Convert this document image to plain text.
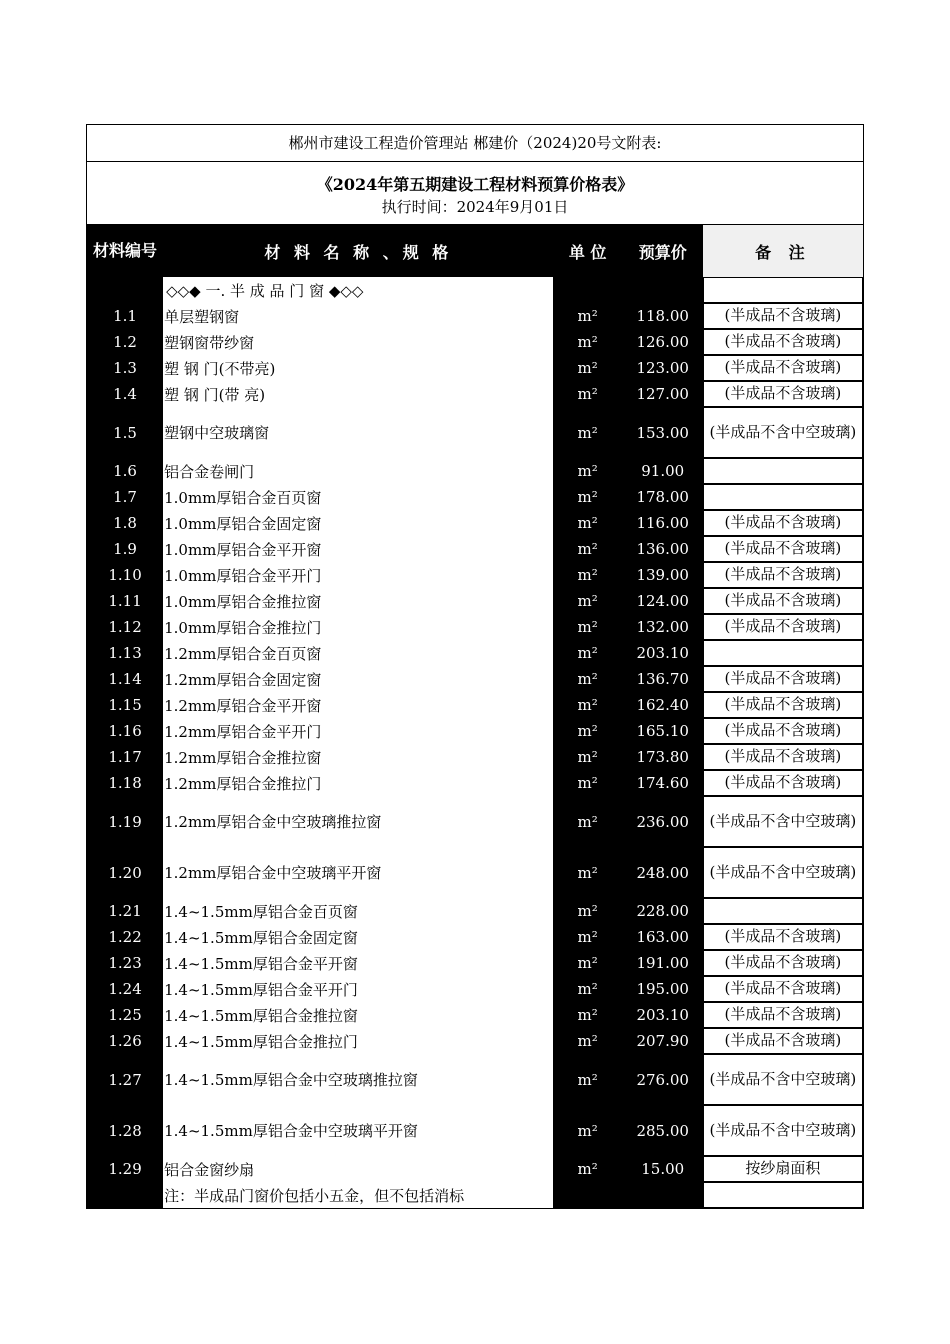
郴州市建设工程造价管理站 郴建价（2024)20号文附表:
《2024年第五期建设工程材料预算价格表》
执行时间：2024年9月01日
材料编号	材 料 名 称 、规 格	单 位	预算价	备 注
	◇◇◆ 一. 半 成 品 门 窗 ◆◇◇			

1.1	单层塑钢窗	m²	118.00	(半成品不含玻璃)

1.2	塑钢窗带纱窗	m²	126.00	(半成品不含玻璃)

1.3	塑 钢 门(不带亮)	m²	123.00	(半成品不含玻璃)

1.4	塑 钢 门(带 亮)	m²	127.00	(半成品不含玻璃)

1.5	塑钢中空玻璃窗	m²	153.00	(半成品不含中空玻璃)

1.6	铝合金卷闸门	m²	91.00	

1.7	1.0mm厚铝合金百页窗	m²	178.00	

1.8	1.0mm厚铝合金固定窗	m²	116.00	(半成品不含玻璃)

1.9	1.0mm厚铝合金平开窗	m²	136.00	(半成品不含玻璃)

1.10	1.0mm厚铝合金平开门	m²	139.00	(半成品不含玻璃)

1.11	1.0mm厚铝合金推拉窗	m²	124.00	(半成品不含玻璃)

1.12	1.0mm厚铝合金推拉门	m²	132.00	(半成品不含玻璃)

1.13	1.2mm厚铝合金百页窗	m²	203.10	

1.14	1.2mm厚铝合金固定窗	m²	136.70	(半成品不含玻璃)

1.15	1.2mm厚铝合金平开窗	m²	162.40	(半成品不含玻璃)

1.16	1.2mm厚铝合金平开门	m²	165.10	(半成品不含玻璃)

1.17	1.2mm厚铝合金推拉窗	m²	173.80	(半成品不含玻璃)

1.18	1.2mm厚铝合金推拉门	m²	174.60	(半成品不含玻璃)

1.19	1.2mm厚铝合金中空玻璃推拉窗	m²	236.00	(半成品不含中空玻璃)

1.20	1.2mm厚铝合金中空玻璃平开窗	m²	248.00	(半成品不含中空玻璃)

1.21	1.4~1.5mm厚铝合金百页窗	m²	228.00	

1.22	1.4~1.5mm厚铝合金固定窗	m²	163.00	(半成品不含玻璃)

1.23	1.4~1.5mm厚铝合金平开窗	m²	191.00	(半成品不含玻璃)

1.24	1.4~1.5mm厚铝合金平开门	m²	195.00	(半成品不含玻璃)

1.25	1.4~1.5mm厚铝合金推拉窗	m²	203.10	(半成品不含玻璃)

1.26	1.4~1.5mm厚铝合金推拉门	m²	207.90	(半成品不含玻璃)

1.27	1.4~1.5mm厚铝合金中空玻璃推拉窗	m²	276.00	(半成品不含中空玻璃)

1.28	1.4~1.5mm厚铝合金中空玻璃平开窗	m²	285.00	(半成品不含中空玻璃)

1.29	铝合金窗纱扇	m²	15.00	按纱扇面积

	注：半成品门窗价包括小五金，但不包括消标			
